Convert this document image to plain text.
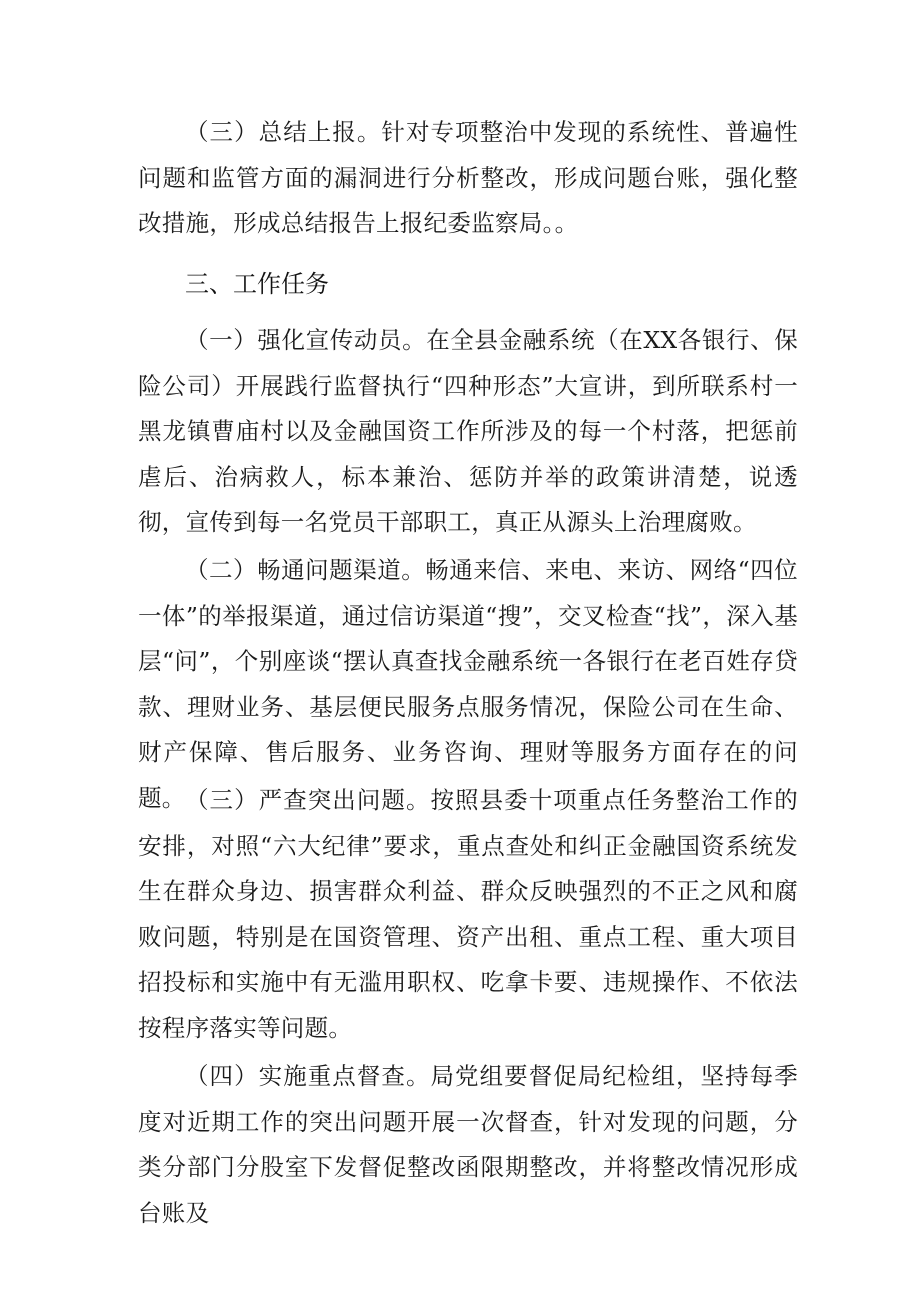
（三）总结上报。针对专项整治中发现的系统性、普遍性问题和监管方面的漏洞进行分析整改，形成问题台账，强化整改措施，形成总结报告上报纪委监察局。。

三、工作任务

（一）强化宣传动员。在全县金融系统（在XX各银行、保险公司）开展践行监督执行“四种形态”大宣讲，到所联系村一黑龙镇曹庙村以及金融国资工作所涉及的每一个村落，把惩前虐后、治病救人，标本兼治、惩防并举的政策讲清楚，说透彻，宣传到每一名党员干部职工，真正从源头上治理腐败。

（二）畅通问题渠道。畅通来信、来电、来访、网络“四位一体”的举报渠道，通过信访渠道“搜”，交叉检查“找”，深入基层“问”，个别座谈“摆认真查找金融系统一各银行在老百姓存贷款、理财业务、基层便民服务点服务情况，保险公司在生命、财产保障、售后服务、业务咨询、理财等服务方面存在的问题。 （三）严查突出问题。按照县委十项重点任务整治工作的安排，对照“六大纪律”要求，重点查处和纠正金融国资系统发生在群众身边、损害群众利益、群众反映强烈的不正之风和腐败问题，特别是在国资管理、资产出租、重点工程、重大项目招投标和实施中有无滥用职权、吃拿卡要、违规操作、不依法按程序落实等问题。

（四）实施重点督查。局党组要督促局纪检组，坚持每季度对近期工作的突出问题开展一次督查，针对发现的问题，分类分部门分股室下发督促整改函限期整改，并将整改情况形成台账及
